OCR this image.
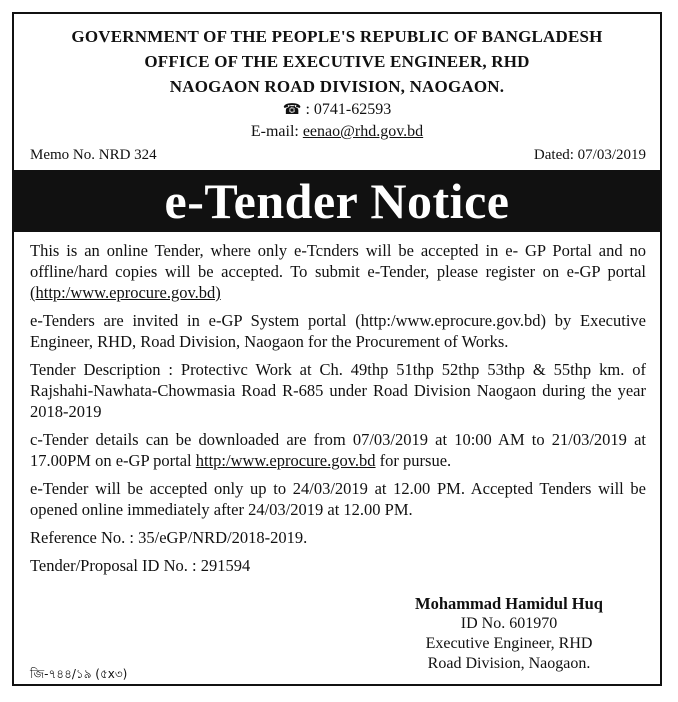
GOVERNMENT OF THE PEOPLE'S REPUBLIC OF BANGLADESH
OFFICE OF THE EXECUTIVE ENGINEER, RHD
NAOGAON ROAD DIVISION, NAOGAON.
☎ : 0741-62593
E-mail: eenao@rhd.gov.bd
Memo No. NRD 324	Dated: 07/03/2019
e-Tender Notice

This is an online Tender, where only e-Tcnders will be accepted in e- GP Portal and no offline/hard copies will be accepted. To submit e-Tender, please register on e-GP portal (http:/www.eprocure.gov.bd)

e-Tenders are invited in e-GP System portal (http:/www.eprocure.gov.bd) by Executive Engineer, RHD, Road Division, Naogaon for the Procurement of Works.

Tender Description : Protectivc Work at Ch. 49thp 51thp 52thp 53thp & 55thp km. of Rajshahi-Nawhata-Chowmasia Road R-685 under Road Division Naogaon during the year 2018-2019

c-Tender details can be downloaded are from 07/03/2019 at 10:00 AM to 21/03/2019 at 17.00PM on e-GP portal http:/www.eprocure.gov.bd for pursue.

e-Tender will be accepted only up to 24/03/2019 at 12.00 PM. Accepted Tenders will be opened online immediately after 24/03/2019 at 12.00 PM.

Reference No. : 35/eGP/NRD/2018-2019.

Tender/Proposal ID No. : 291594

Mohammad Hamidul Huq
ID No. 601970
Executive Engineer, RHD
Road Division, Naogaon.
জি-৭৪৪/১৯ (৫x৩)
